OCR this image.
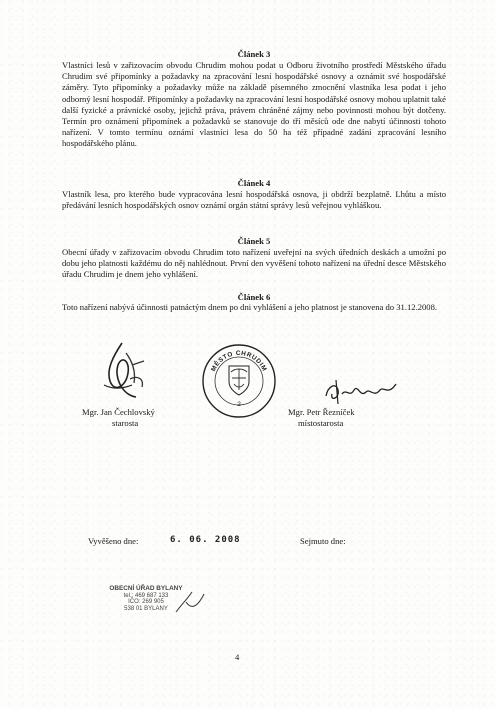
Článek 3
Vlastníci lesů v zařizovacím obvodu Chrudim mohou podat u Odboru životního prostředí Městského úřadu Chrudim své připomínky a požadavky na zpracování lesní hospodářské osnovy a oznámit své hospodářské záměry. Tyto připomínky a požadavky může na základě písemného zmocnění vlastníka lesa podat i jeho odborný lesní hospodář. Připomínky a požadavky na zpracování lesní hospodářské osnovy mohou uplatnit také další fyzické a právnické osoby, jejichž práva, právem chráněné zájmy nebo povinnosti mohou být dotčeny. Termín pro oznámení připomínek a požadavků se stanovuje do tří měsíců ode dne nabytí účinnosti tohoto nařízení. V tomto termínu oznámí vlastníci lesa do 50 ha též případné zadání zpracování lesního hospodářského plánu.
Článek 4
Vlastník lesa, pro kterého bude vypracována lesní hospodářská osnova, ji obdrží bezplatně. Lhůtu a místo předávání lesních hospodářských osnov oznámí orgán státní správy lesů veřejnou vyhláškou.
Článek 5
Obecní úřady v zařizovacím obvodu Chrudim toto nařízení uveřejní na svých úředních deskách a umožní po dobu jeho platnosti každému do něj nahlédnout. První den vyvěšení tohoto nařízení na úřední desce Městského úřadu Chrudim je dnem jeho vyhlášení.
Článek 6
Toto nařízení nabývá účinnosti patnáctým dnem po dni vyhlášení a jeho platnost je stanovena do 31.12.2008.
Mgr. Jan Čechlovský
starosta
MĚSTO CHRUDIM
2
Mgr. Petr Řezníček
místostarosta
Vyvěšeno dne:	6. 06. 2008	Sejmuto dne:
OBECNÍ ÚŘAD BYLANY
tel.: 469 687 133
IČO: 269 905
538 01 BYLANY
4
